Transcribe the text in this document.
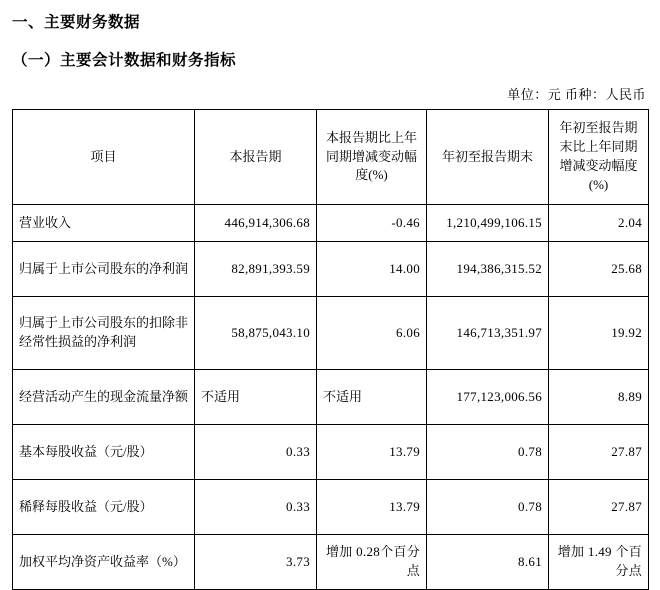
一、主要财务数据
（一）主要会计数据和财务指标
单位：元 币种：人民币
项目	本报告期	本报告期比上年同期增减变动幅度(%)	年初至报告期末	年初至报告期末比上年同期增减变动幅度(%)
营业收入	446,914,306.68	-0.46	1,210,499,106.15	2.04
归属于上市公司股东的净利润	82,891,393.59	14.00	194,386,315.52	25.68
归属于上市公司股东的扣除非经常性损益的净利润	58,875,043.10	6.06	146,713,351.97	19.92
经营活动产生的现金流量净额	不适用	不适用	177,123,006.56	8.89
基本每股收益（元/股）	0.33	13.79	0.78	27.87
稀释每股收益（元/股）	0.33	13.79	0.78	27.87
加权平均净资产收益率（%）	3.73	增加 0.28个百分点	8.61	增加 1.49 个百分点
